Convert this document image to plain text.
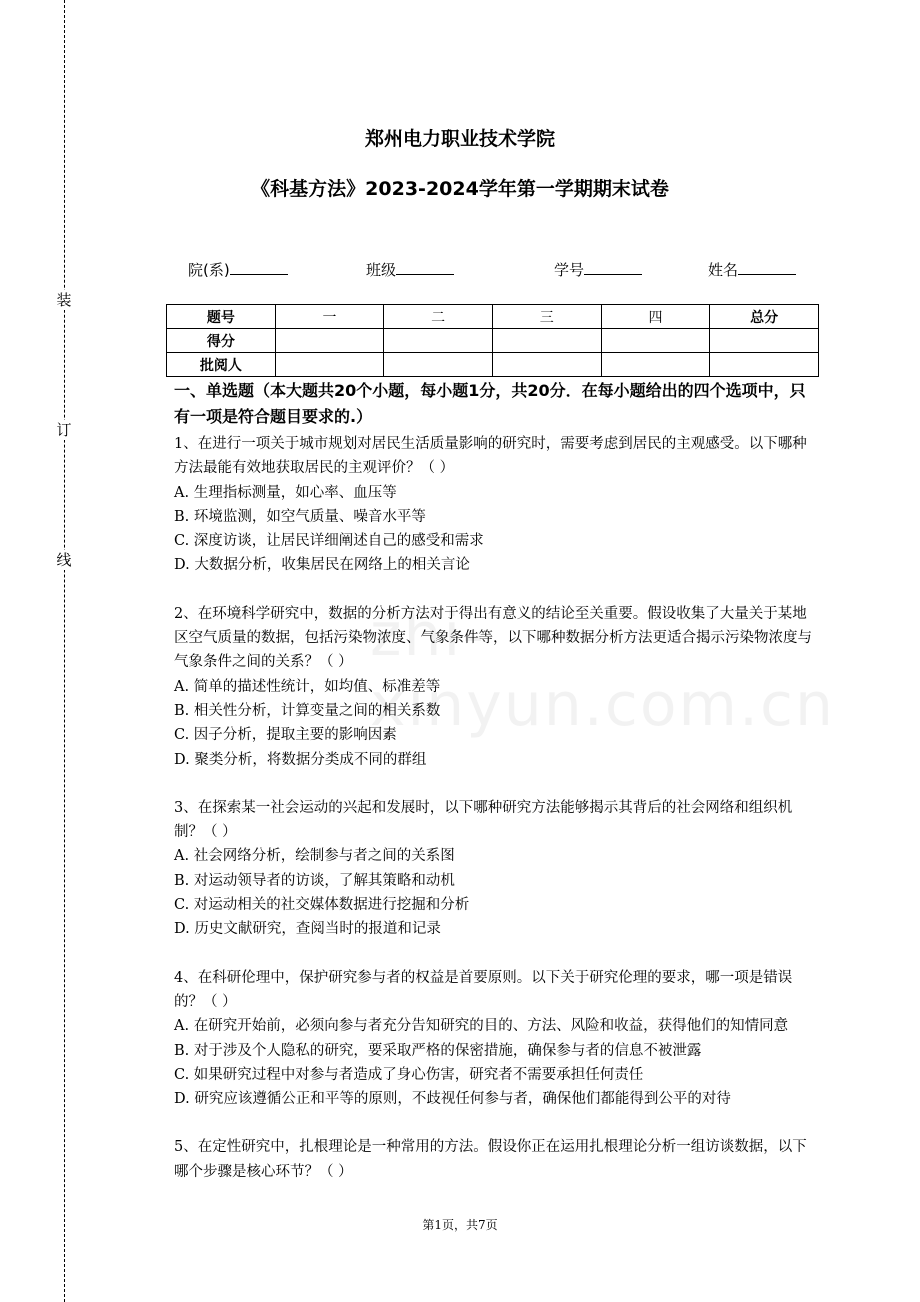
装
订
线
zhi-xinyun.com.cn
郑州电力职业技术学院
《科基方法》2023-2024学年第一学期期末试卷
院(系)	班级	学号	姓名
题号	一	二	三	四	总分
得分					
批阅人					
一、单选题（本大题共20个小题，每小题1分，共20分．在每小题给出的四个选项中，只有一项是符合题目要求的.）

1、在进行一项关于城市规划对居民生活质量影响的研究时，需要考虑到居民的主观感受。以下哪种方法最能有效地获取居民的主观评价？（ ）

A. 生理指标测量，如心率、血压等

B. 环境监测，如空气质量、噪音水平等

C. 深度访谈，让居民详细阐述自己的感受和需求

D. 大数据分析，收集居民在网络上的相关言论

2、在环境科学研究中，数据的分析方法对于得出有意义的结论至关重要。假设收集了大量关于某地区空气质量的数据，包括污染物浓度、气象条件等，以下哪种数据分析方法更适合揭示污染物浓度与气象条件之间的关系？（ ）

A. 简单的描述性统计，如均值、标准差等

B. 相关性分析，计算变量之间的相关系数

C. 因子分析，提取主要的影响因素

D. 聚类分析，将数据分类成不同的群组

3、在探索某一社会运动的兴起和发展时，以下哪种研究方法能够揭示其背后的社会网络和组织机制？（ ）

A. 社会网络分析，绘制参与者之间的关系图

B. 对运动领导者的访谈，了解其策略和动机

C. 对运动相关的社交媒体数据进行挖掘和分析

D. 历史文献研究，查阅当时的报道和记录

4、在科研伦理中，保护研究参与者的权益是首要原则。以下关于研究伦理的要求，哪一项是错误的？（ ）

A. 在研究开始前，必须向参与者充分告知研究的目的、方法、风险和收益，获得他们的知情同意

B. 对于涉及个人隐私的研究，要采取严格的保密措施，确保参与者的信息不被泄露

C. 如果研究过程中对参与者造成了身心伤害，研究者不需要承担任何责任

D. 研究应该遵循公正和平等的原则，不歧视任何参与者，确保他们都能得到公平的对待

5、在定性研究中，扎根理论是一种常用的方法。假设你正在运用扎根理论分析一组访谈数据，以下哪个步骤是核心环节？（ ）

第1页，共7页
